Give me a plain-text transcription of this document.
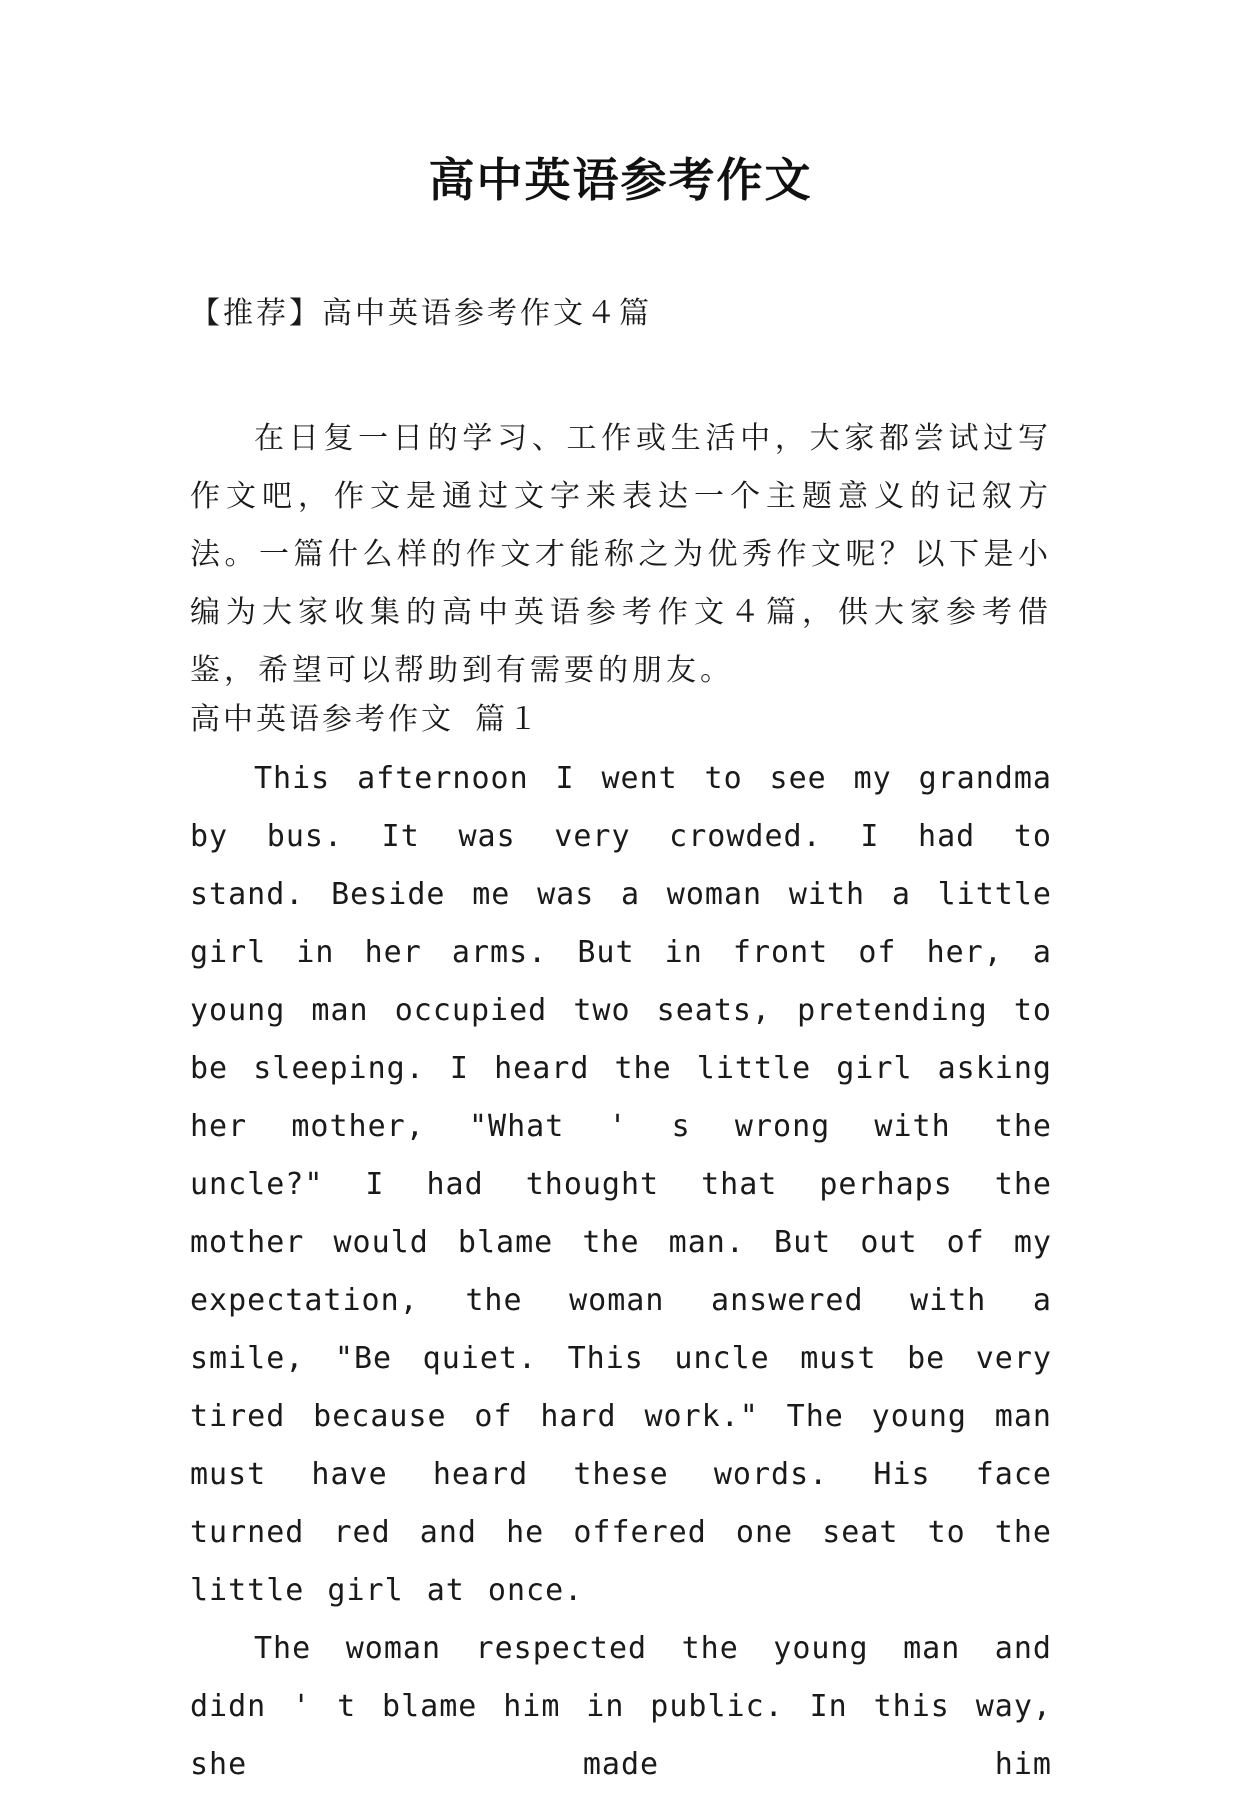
高中英语参考作文
【推荐】高中英语参考作文４篇
在日复一日的学习、工作或生活中，大家都尝试过写作文吧，作文是通过文字来表达一个主题意义的记叙方法。一篇什么样的作文才能称之为优秀作文呢？以下是小编为大家收集的高中英语参考作文４篇，供大家参考借鉴，希望可以帮助到有需要的朋友。
高中英语参考作文 篇１

This afternoon I went to see my grandma by bus. It was very crowded. I had to stand. Beside me was a woman with a little girl in her arms. But in front of her, a young man occupied two seats, pretending to be sleeping. I heard the little girl asking her mother, "What ' s wrong with the uncle?" I had thought that perhaps the mother would blame the man. But out of my expectation, the woman answered with a smile, "Be quiet. This uncle must be very tired because of hard work." The young man must have heard these words. His face turned red and he offered one seat to the little girl at once.

The woman respected the young man and didn ' t blame him in public. In this way, she made him
